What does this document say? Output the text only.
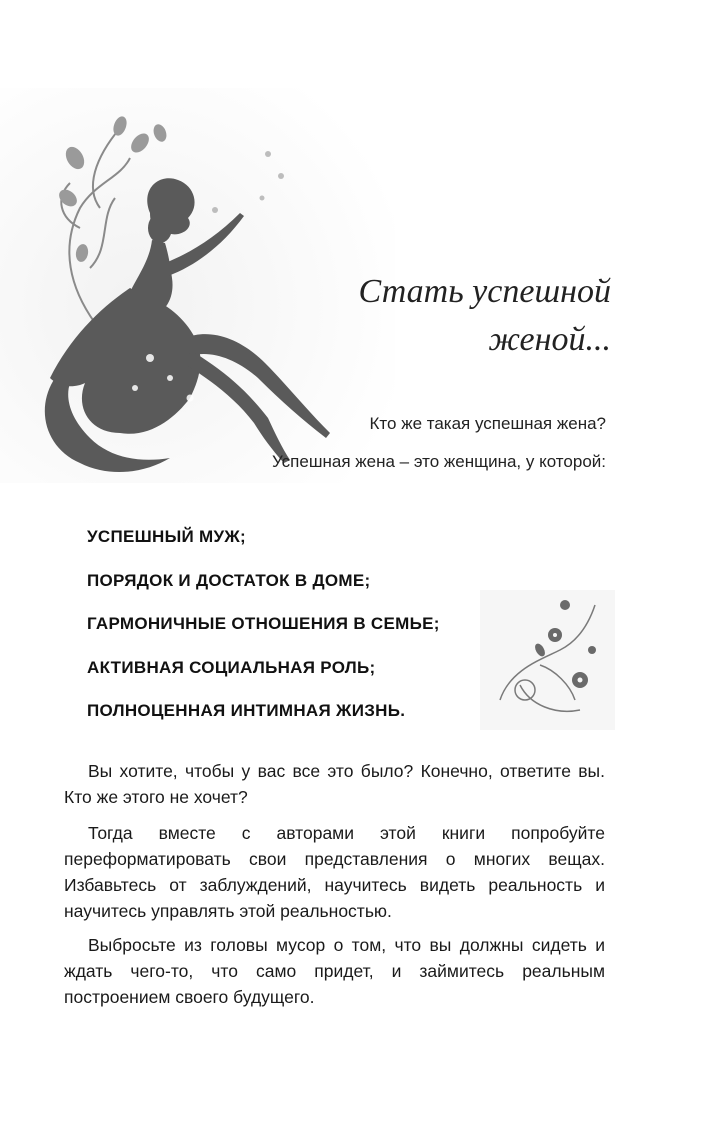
Стать успешной
женой...

Кто же такая успешная жена?

Успешная жена – это женщина, у которой:

УСПЕШНЫЙ МУЖ;
ПОРЯДОК И ДОСТАТОК В ДОМЕ;
ГАРМОНИЧНЫЕ ОТНОШЕНИЯ В СЕМЬЕ;
АКТИВНАЯ СОЦИАЛЬНАЯ РОЛЬ;
ПОЛНОЦЕННАЯ ИНТИМНАЯ ЖИЗНЬ.

Вы хотите, чтобы у вас все это было? Конечно, ответите вы. Кто же этого не хочет?

Тогда вместе с авторами этой книги попробуйте переформатировать свои представления о многих вещах. Избавьтесь от заблуждений, научитесь видеть реальность и научитесь управлять этой реальностью.

Выбросьте из головы мусор о том, что вы должны сидеть и ждать чего-то, что само придет, и займитесь реальным построением своего будущего.
